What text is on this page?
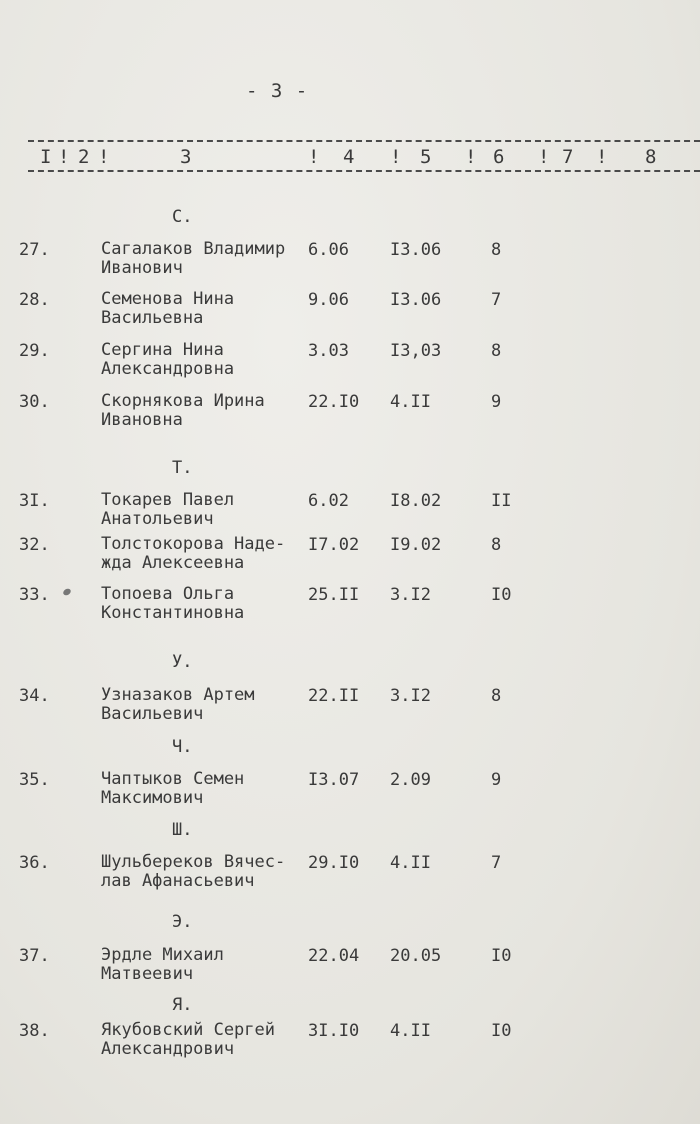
- 3 -
I ! 2 !	3	! 4 ! 5 ! 6 ! 7 ! 8
С.
27.	Сагалаков Владимир
Иванович
6.06 I3.06	8
28.	Семенова Нина
Васильевна
9.06 I3.06	7
29.	Сергина Нина
Александровна
3.03 I3,03	8
30.	Скорнякова Ирина
Ивановна
22.I0 4.II	9
Т.
3I.	Токарев Павел
Анатольевич
6.02 I8.02	II
32.	Толстокорова Наде-
жда Алексеевна
I7.02 I9.02	8
33.	Топоева Ольга
Константиновна
25.II 3.I2	I0
У.
34.	Узназаков Артем
Васильевич
22.II 3.I2	8
Ч.
35.	Чаптыков Семен
Максимович
I3.07 2.09	9
Ш.
36.	Шульбереков Вячес-
лав Афанасьевич
29.I0 4.II	7
Э.
37.	Эрдле Михаил
Матвеевич
22.04 20.05	I0
Я.
38.	Якубовский Сергей
Александрович
3I.I0 4.II	I0
